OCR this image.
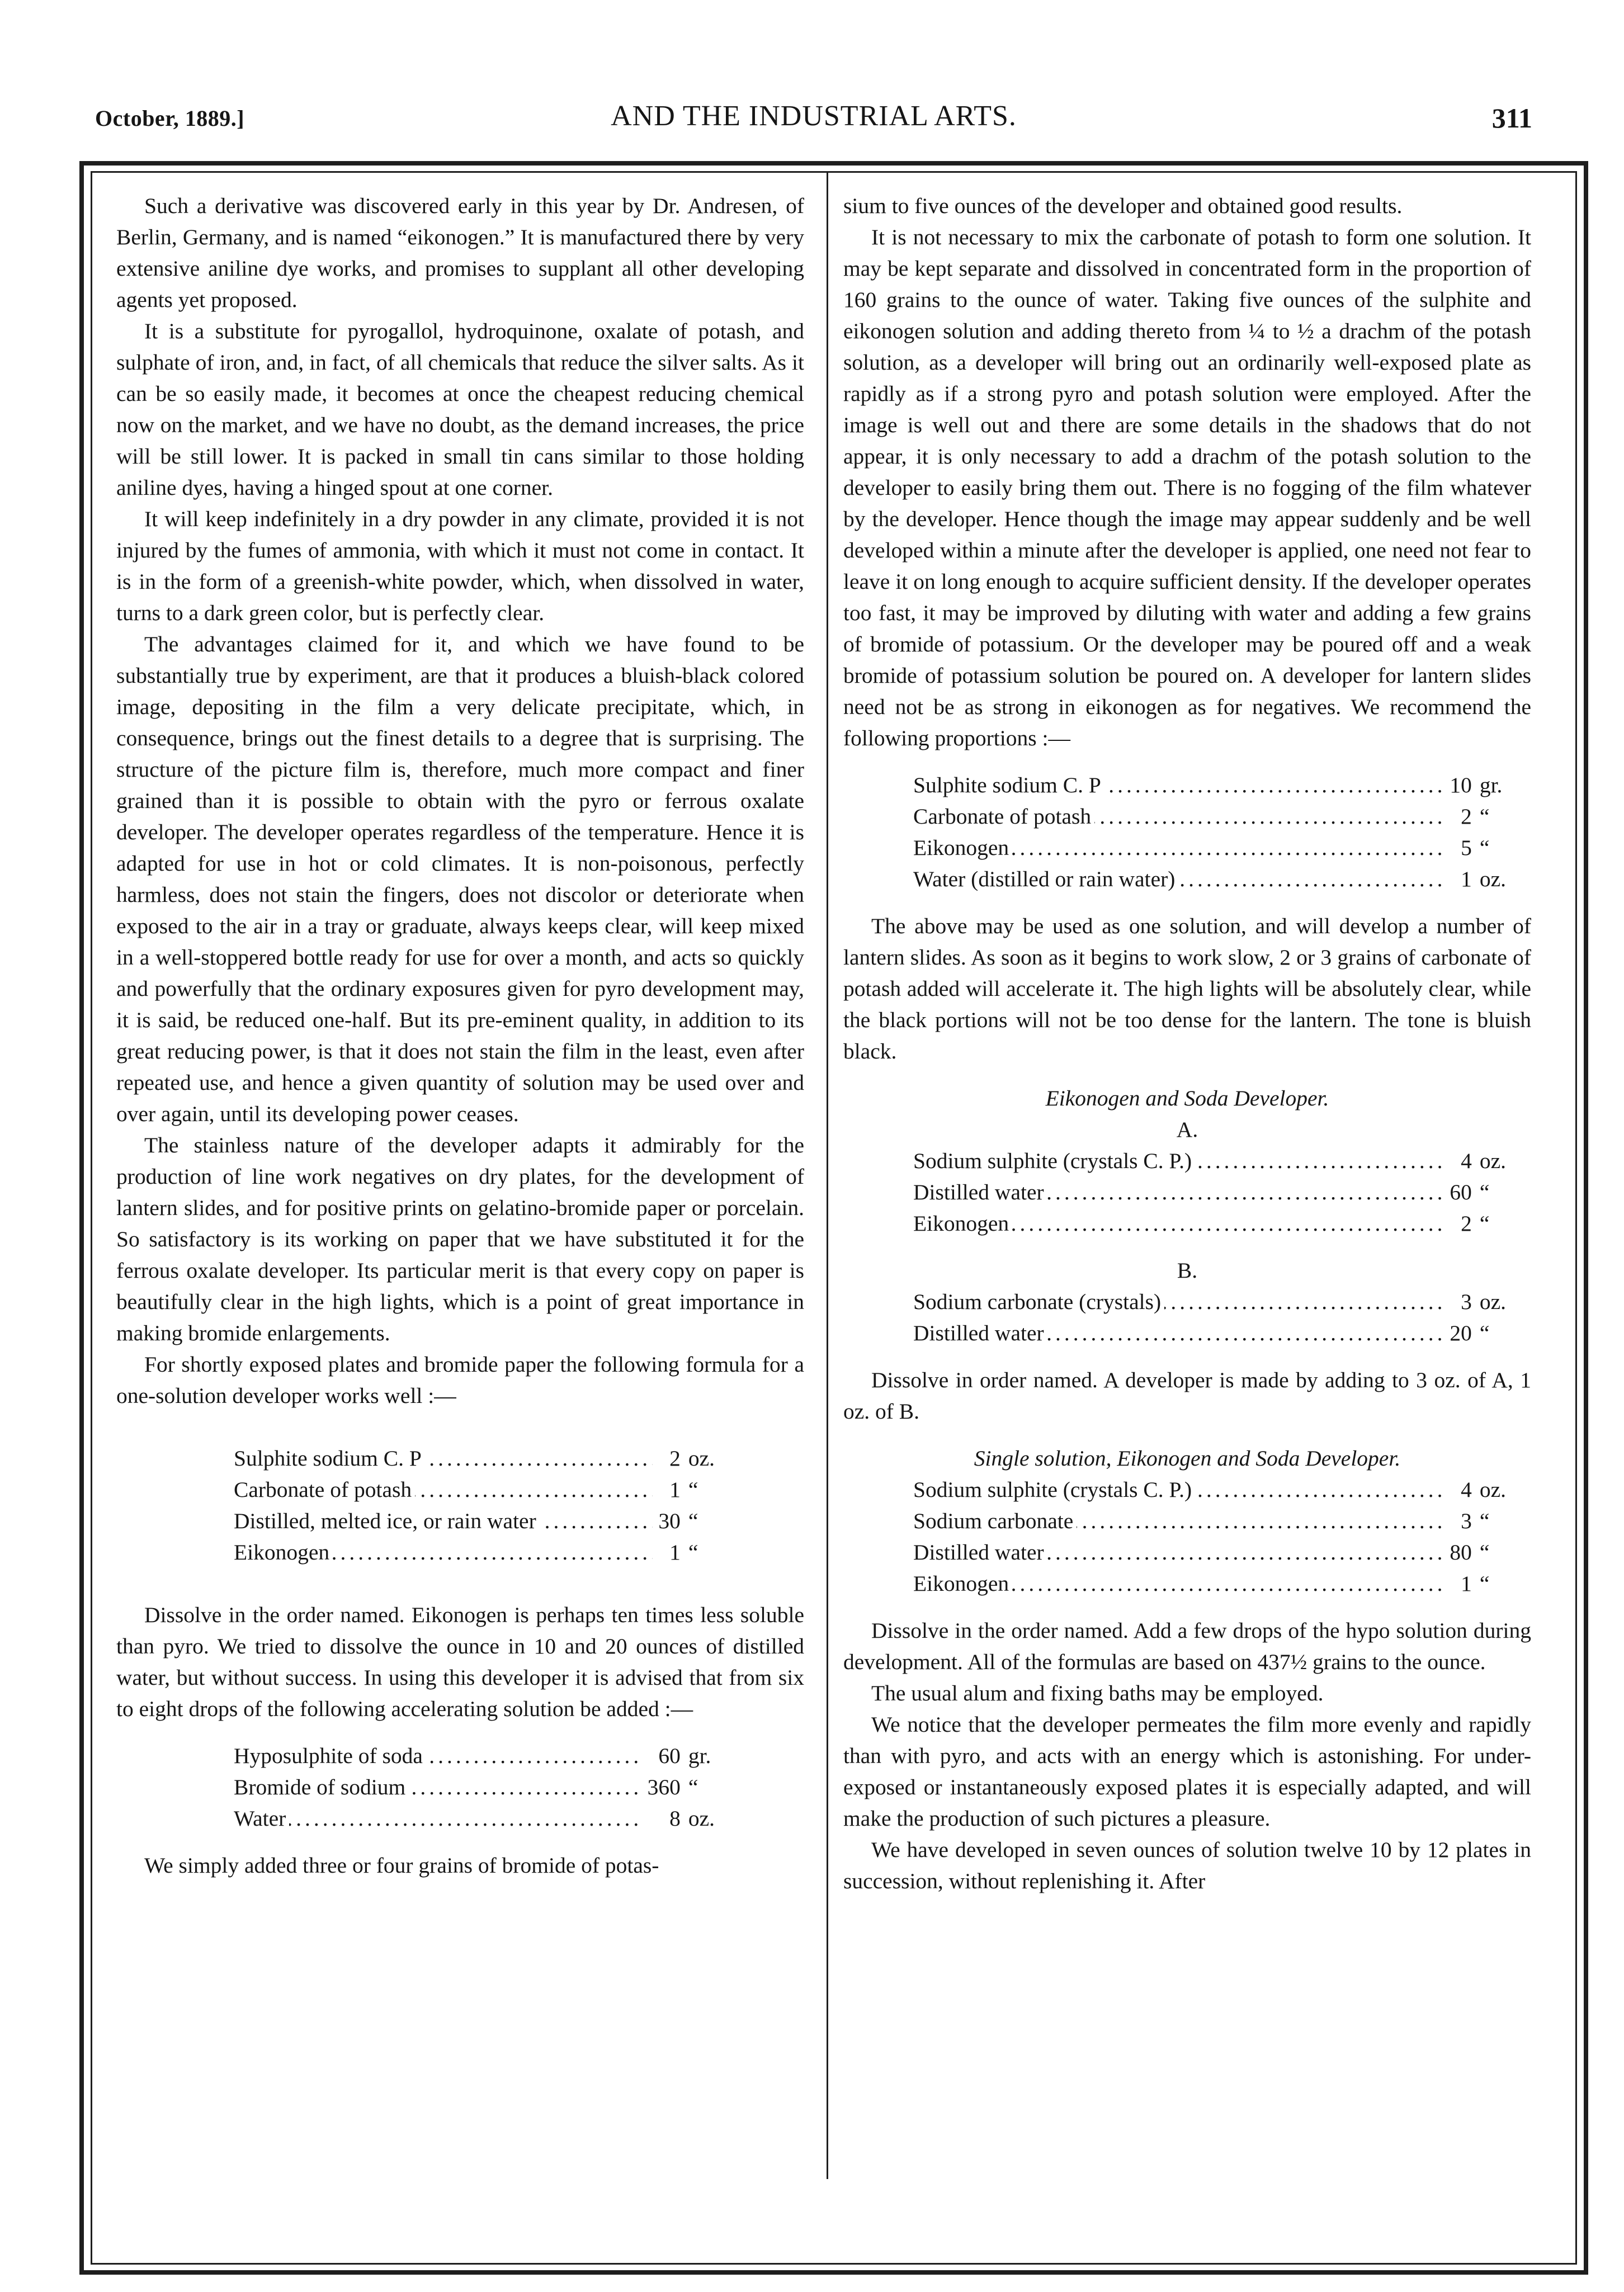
October, 1889.]	AND THE INDUSTRIAL ARTS.	311

Such a derivative was discovered early in this year by Dr. Andresen, of Berlin, Germany, and is named “eikonogen.” It is manufactured there by very extensive aniline dye works, and promises to supplant all other developing agents yet proposed.

It is a substitute for pyrogallol, hydroquinone, oxalate of potash, and sulphate of iron, and, in fact, of all chemicals that reduce the silver salts. As it can be so easily made, it becomes at once the cheapest reducing chemical now on the market, and we have no doubt, as the demand increases, the price will be still lower. It is packed in small tin cans similar to those holding aniline dyes, having a hinged spout at one corner.

It will keep indefinitely in a dry powder in any climate, provided it is not injured by the fumes of ammonia, with which it must not come in contact. It is in the form of a greenish-white powder, which, when dissolved in water, turns to a dark green color, but is perfectly clear.

The advantages claimed for it, and which we have found to be substantially true by experiment, are that it produces a bluish-black colored image, depositing in the film a very delicate precipitate, which, in consequence, brings out the finest details to a degree that is surprising. The structure of the picture film is, therefore, much more compact and finer grained than it is possible to obtain with the pyro or ferrous oxalate developer. The developer operates regardless of the temperature. Hence it is adapted for use in hot or cold climates. It is non-poisonous, perfectly harmless, does not stain the fingers, does not discolor or deteriorate when exposed to the air in a tray or graduate, always keeps clear, will keep mixed in a well-stoppered bottle ready for use for over a month, and acts so quickly and powerfully that the ordinary exposures given for pyro development may, it is said, be reduced one-half. But its pre-eminent quality, in addition to its great reducing power, is that it does not stain the film in the least, even after repeated use, and hence a given quantity of solution may be used over and over again, until its developing power ceases.

The stainless nature of the developer adapts it admirably for the production of line work negatives on dry plates, for the development of lantern slides, and for positive prints on gelatino-bromide paper or porcelain. So satisfactory is its working on paper that we have substituted it for the ferrous oxalate developer. Its particular merit is that every copy on paper is beautifully clear in the high lights, which is a point of great importance in making bromide enlargements.

For shortly exposed plates and bromide paper the following formula for a one-solution developer works well :—

Sulphite sodium C. P .....	2	oz.

Carbonate of potash .....	1	“

Distilled, melted ice, or rain water .....	30	“

Eikonogen .....	1	“

Dissolve in the order named. Eikonogen is perhaps ten times less soluble than pyro. We tried to dissolve the ounce in 10 and 20 ounces of distilled water, but without success. In using this developer it is advised that from six to eight drops of the following accelerating solution be added :—

Hyposulphite of soda .....	60	gr.

Bromide of sodium .....	360	“

Water .....	8	oz.

We simply added three or four grains of bromide of potas-

sium to five ounces of the developer and obtained good results.

It is not necessary to mix the carbonate of potash to form one solution. It may be kept separate and dissolved in concentrated form in the proportion of 160 grains to the ounce of water. Taking five ounces of the sulphite and eikonogen solution and adding thereto from ¼ to ½ a drachm of the potash solution, as a developer will bring out an ordinarily well-exposed plate as rapidly as if a strong pyro and potash solution were employed. After the image is well out and there are some details in the shadows that do not appear, it is only necessary to add a drachm of the potash solution to the developer to easily bring them out. There is no fogging of the film whatever by the developer. Hence though the image may appear suddenly and be well developed within a minute after the developer is applied, one need not fear to leave it on long enough to acquire sufficient density. If the developer operates too fast, it may be improved by diluting with water and adding a few grains of bromide of potassium. Or the developer may be poured off and a weak bromide of potassium solution be poured on. A developer for lantern slides need not be as strong in eikonogen as for negatives. We recommend the following proportions :—

Sulphite sodium C. P .....	10	gr.

Carbonate of potash .....	2	“

Eikonogen .....	5	“

Water (distilled or rain water) .....	1	oz.

The above may be used as one solution, and will develop a number of lantern slides. As soon as it begins to work slow, 2 or 3 grains of carbonate of potash added will accelerate it. The high lights will be absolutely clear, while the black portions will not be too dense for the lantern. The tone is bluish black.

Eikonogen and Soda Developer.

A.

Sodium sulphite (crystals C. P.) .....	4	oz.

Distilled water .....	60	“

Eikonogen .....	2	“

B.

Sodium carbonate (crystals) .....	3	oz.

Distilled water .....	20	“

Dissolve in order named. A developer is made by adding to 3 oz. of A, 1 oz. of B.

Single solution, Eikonogen and Soda Developer.

Sodium sulphite (crystals C. P.) .....	4	oz.

Sodium carbonate .....	3	“

Distilled water .....	80	“

Eikonogen .....	1	“

Dissolve in the order named. Add a few drops of the hypo solution during development. All of the formulas are based on 437½ grains to the ounce.

The usual alum and fixing baths may be employed.

We notice that the developer permeates the film more evenly and rapidly than with pyro, and acts with an energy which is astonishing. For under-exposed or instantaneously exposed plates it is especially adapted, and will make the production of such pictures a pleasure.

We have developed in seven ounces of solution twelve 10 by 12 plates in succession, without replenishing it. After
